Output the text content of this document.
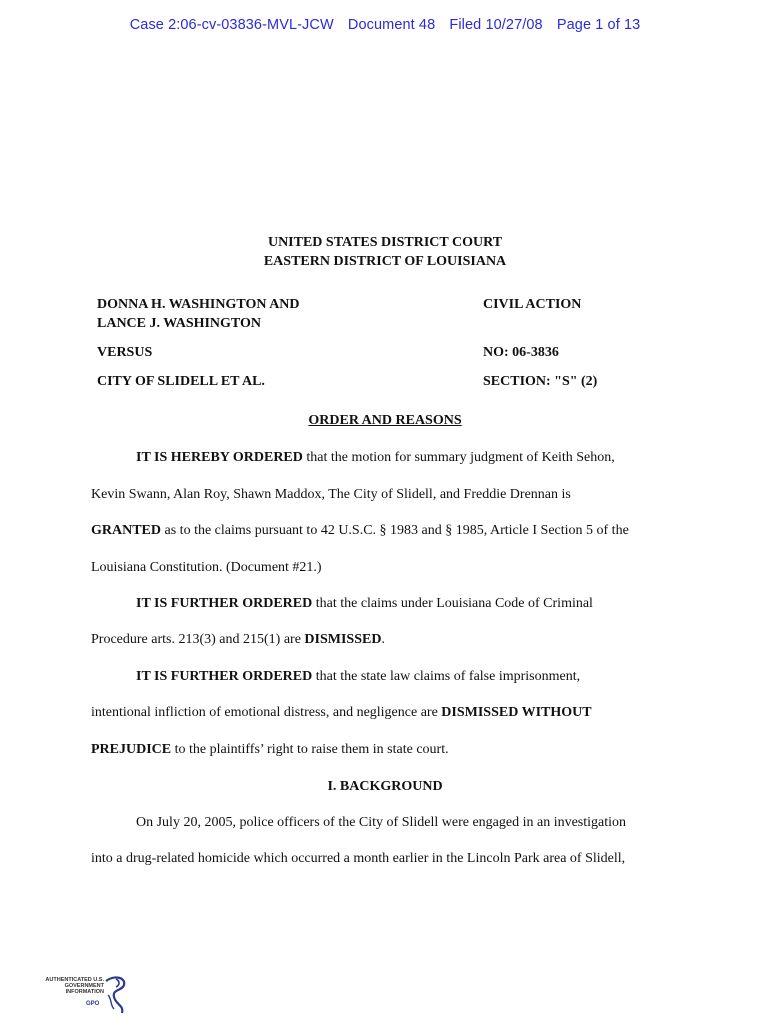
Case 2:06-cv-03836-MVL-JCW Document 48 Filed 10/27/08 Page 1 of 13
UNITED STATES DISTRICT COURT
EASTERN DISTRICT OF LOUISIANA
DONNA H. WASHINGTON AND
LANCE J. WASHINGTON
CIVIL ACTION
VERSUS	NO: 06-3836
CITY OF SLIDELL ET AL.	SECTION: "S" (2)
ORDER AND REASONS
IT IS HEREBY ORDERED that the motion for summary judgment of Keith Sehon,
Kevin Swann, Alan Roy, Shawn Maddox, The City of Slidell, and Freddie Drennan is
GRANTED as to the claims pursuant to 42 U.S.C. § 1983 and § 1985, Article I Section 5 of the
Louisiana Constitution. (Document #21.)
IT IS FURTHER ORDERED that the claims under Louisiana Code of Criminal
Procedure arts. 213(3) and 215(1) are DISMISSED.
IT IS FURTHER ORDERED that the state law claims of false imprisonment,
intentional infliction of emotional distress, and negligence are DISMISSED WITHOUT
PREJUDICE to the plaintiffs’ right to raise them in state court.
I. BACKGROUND
On July 20, 2005, police officers of the City of Slidell were engaged in an investigation
into a drug-related homicide which occurred a month earlier in the Lincoln Park area of Slidell,
AUTHENTICATED U.S. GOVERNMENT INFORMATION
GPO
